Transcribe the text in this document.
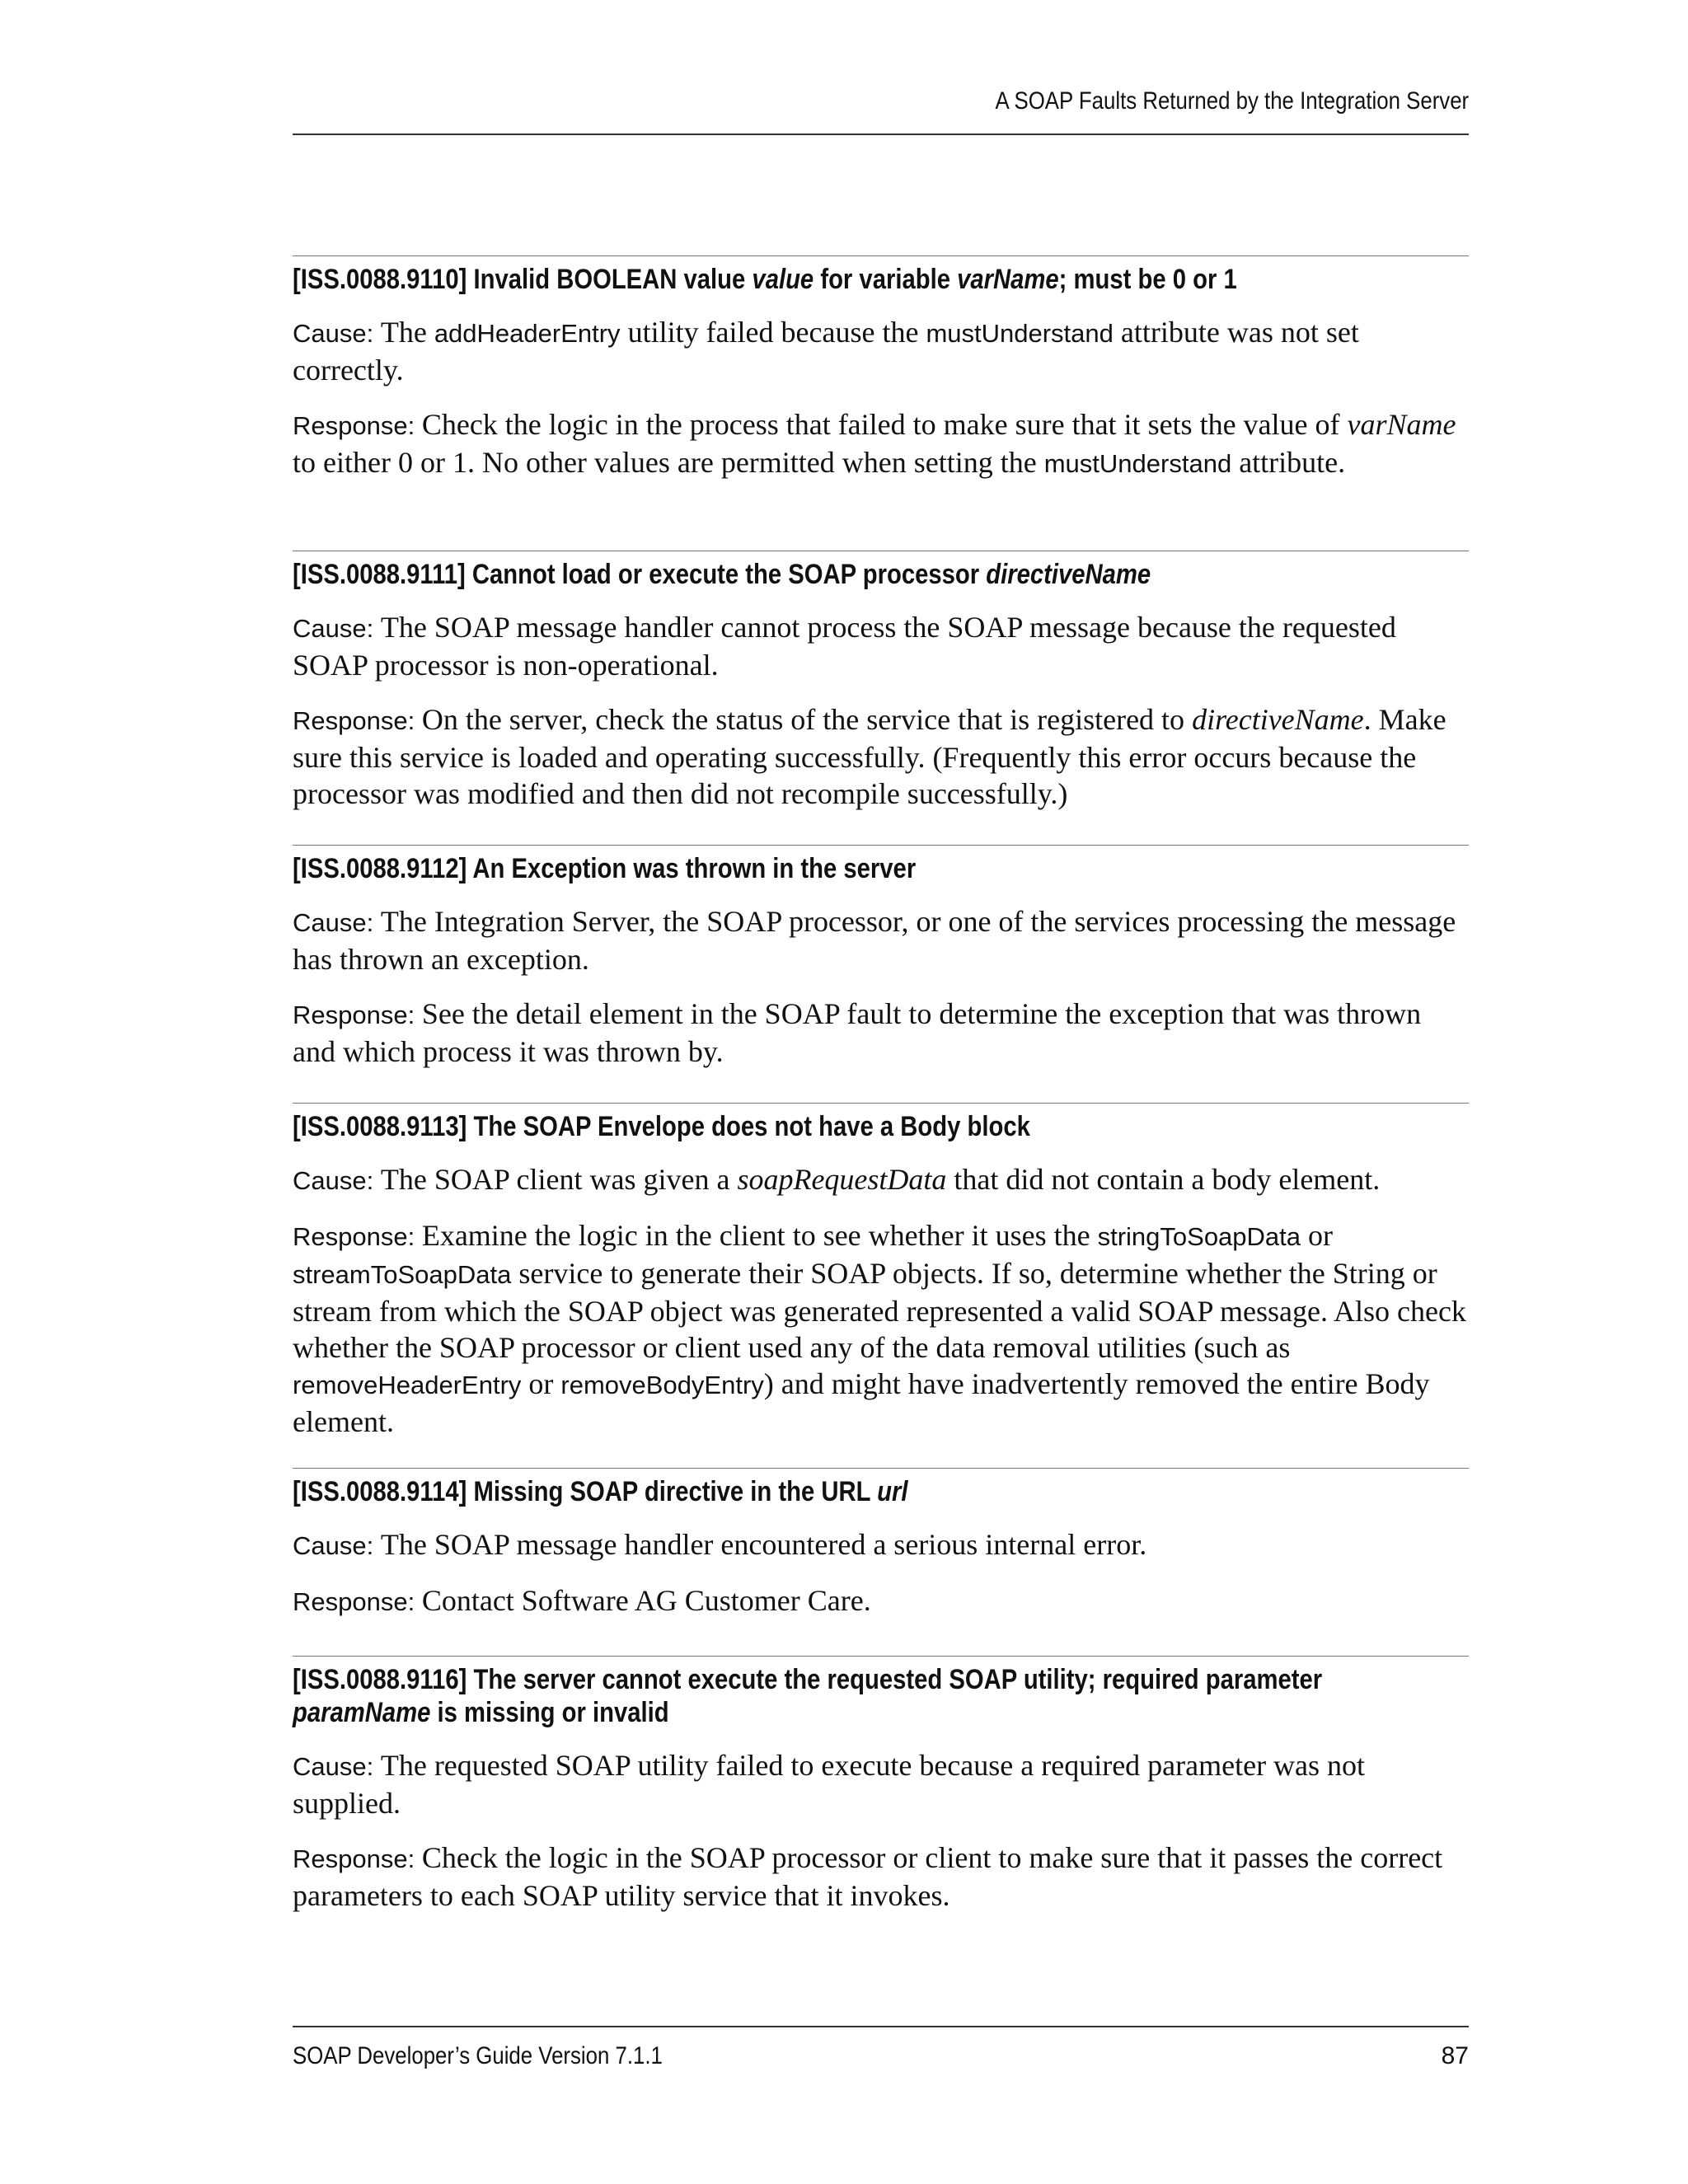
A SOAP Faults Returned by the Integration Server

[ISS.0088.9110] Invalid BOOLEAN value value for variable varName; must be 0 or 1

Cause: The addHeaderEntry utility failed because the mustUnderstand attribute was not set correctly.

Response: Check the logic in the process that failed to make sure that it sets the value of varName to either 0 or 1. No other values are permitted when setting the mustUnderstand attribute.

[ISS.0088.9111] Cannot load or execute the SOAP processor directiveName

Cause: The SOAP message handler cannot process the SOAP message because the requested SOAP processor is non-operational.

Response: On the server, check the status of the service that is registered to directiveName. Make sure this service is loaded and operating successfully. (Frequently this error occurs because the processor was modified and then did not recompile successfully.)

[ISS.0088.9112] An Exception was thrown in the server

Cause: The Integration Server, the SOAP processor, or one of the services processing the message has thrown an exception.

Response: See the detail element in the SOAP fault to determine the exception that was thrown and which process it was thrown by.

[ISS.0088.9113] The SOAP Envelope does not have a Body block

Cause: The SOAP client was given a soapRequestData that did not contain a body element.

Response: Examine the logic in the client to see whether it uses the stringToSoapData or streamToSoapData service to generate their SOAP objects. If so, determine whether the String or stream from which the SOAP object was generated represented a valid SOAP message. Also check whether the SOAP processor or client used any of the data removal utilities (such as removeHeaderEntry or removeBodyEntry) and might have inadvertently removed the entire Body element.

[ISS.0088.9114] Missing SOAP directive in the URL url

Cause: The SOAP message handler encountered a serious internal error.

Response: Contact Software AG Customer Care.

[ISS.0088.9116] The server cannot execute the requested SOAP utility; required parameter paramName is missing or invalid

Cause: The requested SOAP utility failed to execute because a required parameter was not supplied.

Response: Check the logic in the SOAP processor or client to make sure that it passes the correct parameters to each SOAP utility service that it invokes.

SOAP Developer’s Guide Version 7.1.1	87
